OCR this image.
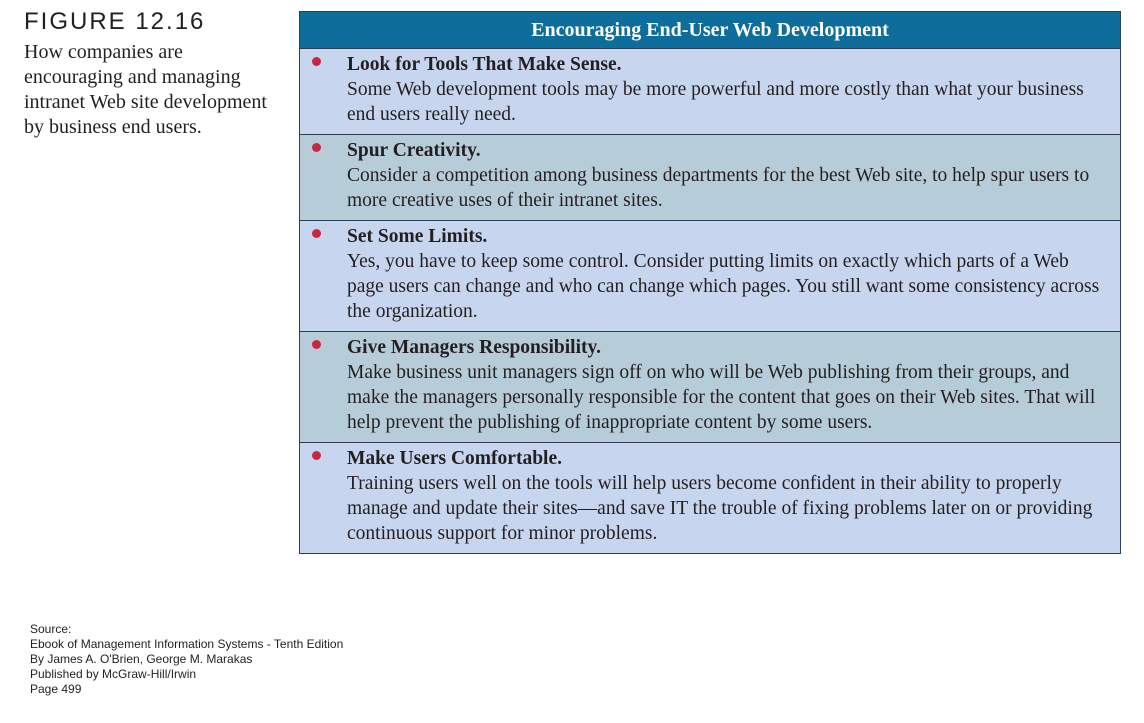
FIGURE 12.16
How companies are encouraging and managing intranet Web site development by business end users.
Encouraging End-User Web Development
Look for Tools That Make Sense.
Some Web development tools may be more powerful and more costly than what your business end users really need.
Spur Creativity.
Consider a competition among business departments for the best Web site, to help spur users to more creative uses of their intranet sites.
Set Some Limits.
Yes, you have to keep some control. Consider putting limits on exactly which parts of a Web page users can change and who can change which pages. You still want some consistency across the organization.
Give Managers Responsibility.
Make business unit managers sign off on who will be Web publishing from their groups, and make the managers personally responsible for the content that goes on their Web sites. That will help prevent the publishing of inappropriate content by some users.
Make Users Comfortable.
Training users well on the tools will help users become confident in their ability to properly manage and update their sites—and save IT the trouble of fixing problems later on or providing continuous support for minor problems.
Source:
Ebook of Management Information Systems - Tenth Edition
By James A. O'Brien, George M. Marakas
Published by McGraw-Hill/Irwin
Page 499
